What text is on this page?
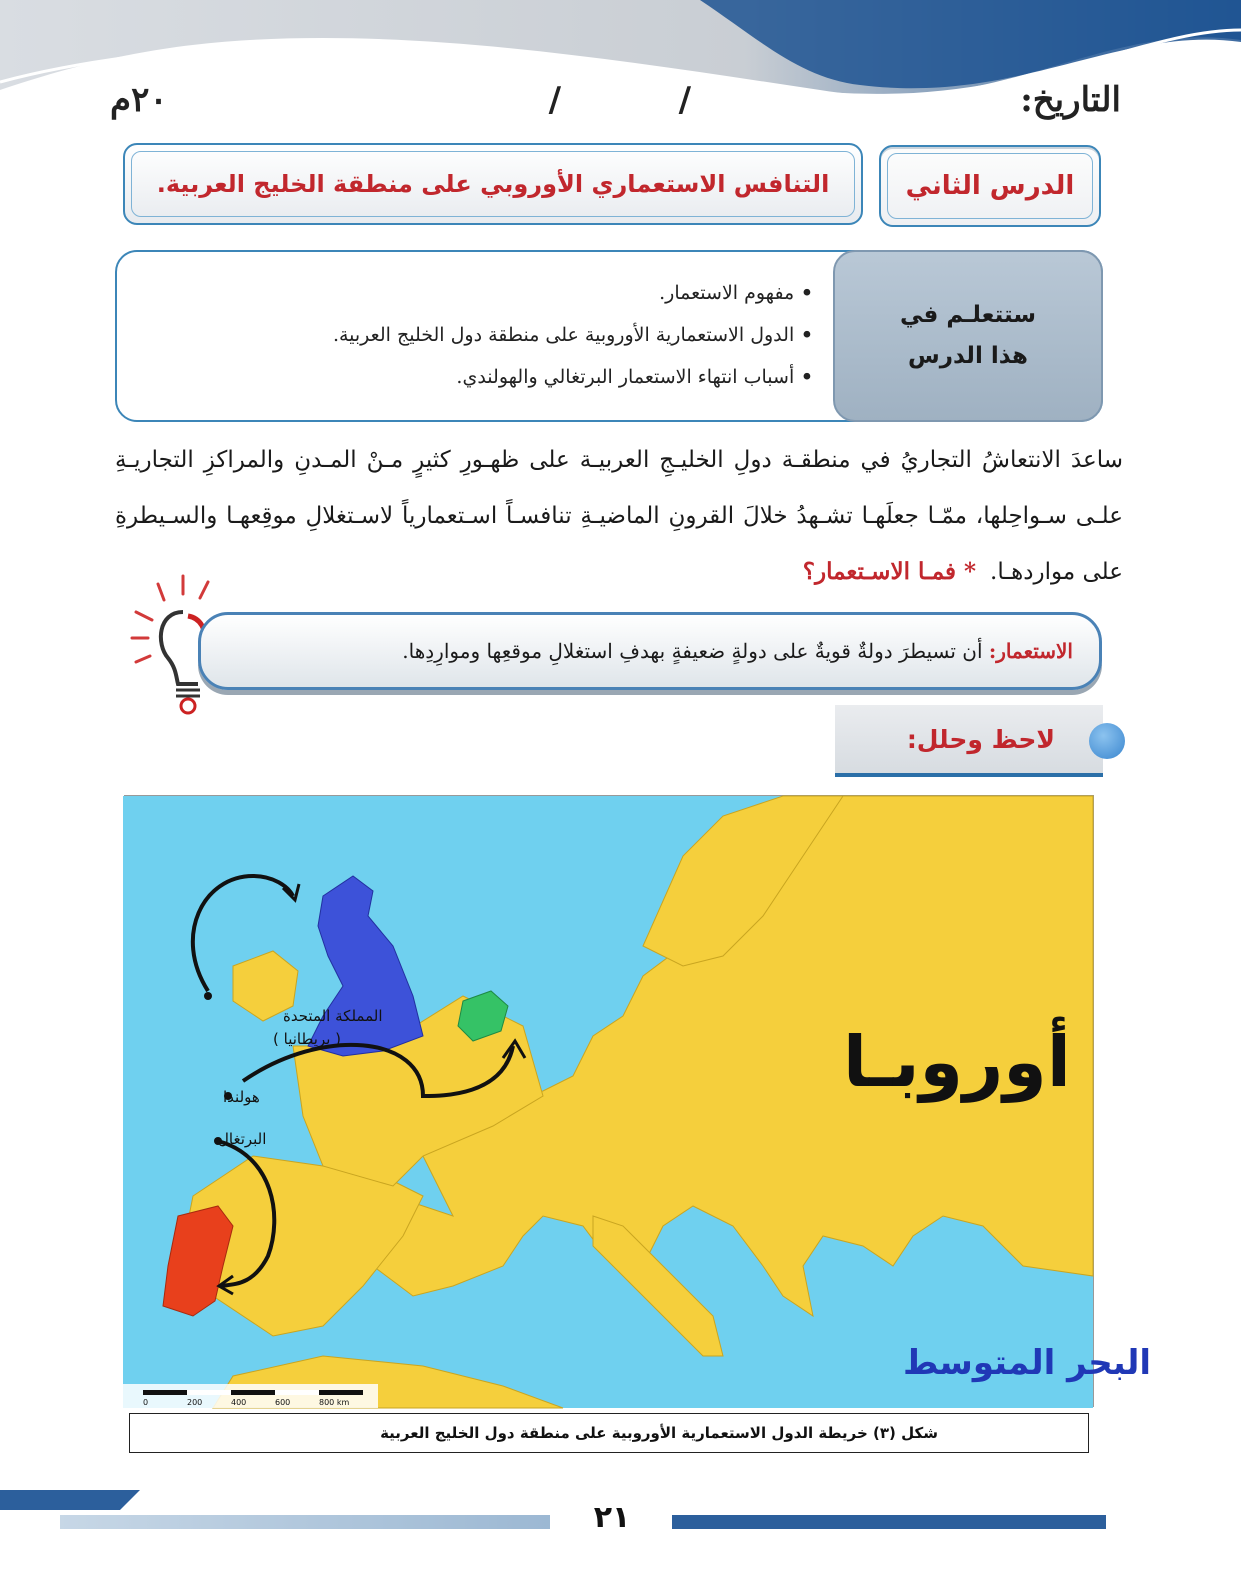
التاريخ:
/
/
٢٠م
الدرس الثاني
التنافس الاستعماري الأوروبي على منطقة الخليج العربية.
ستتعلـم في
هذا الدرس
• مفهوم الاستعمار.
• الدول الاستعمارية الأوروبية على منطقة دول الخليج العربية.
• أسباب انتهاء الاستعمار البرتغالي والهولندي.
ساعدَ الانتعاشُ التجاريُ في منطقـة دولِ الخليـجِ العربيـة على ظهـورِ كثيرٍ مـنْ المـدنِ والمراكزِ التجاريـةِ علـى سـواحِلها، ممّـا جعلَهـا تشـهدُ خلالَ القرونِ الماضيـةِ تنافسـاً اسـتعمارياً لاسـتغلالِ موقِعهـا والسـيطرةِ على مواردهـا.* فمـا الاسـتعمار؟
الاستعمار:

أن تسيطرَ دولةٌ قويةٌ على دولةٍ ضعيفةٍ بهدفِ استغلالِ موقعِها وموارِدِها.
لاحظ وحلل:
أوروبـا
البحر المتوسط
المملكة المتحدة
( بريطانيا )
هولندا
البرتغال
0	200	400	600	800 km
شكل (٣) خريطة الدول الاستعمارية الأوروبية على منطقة دول الخليج العربية
٢١
